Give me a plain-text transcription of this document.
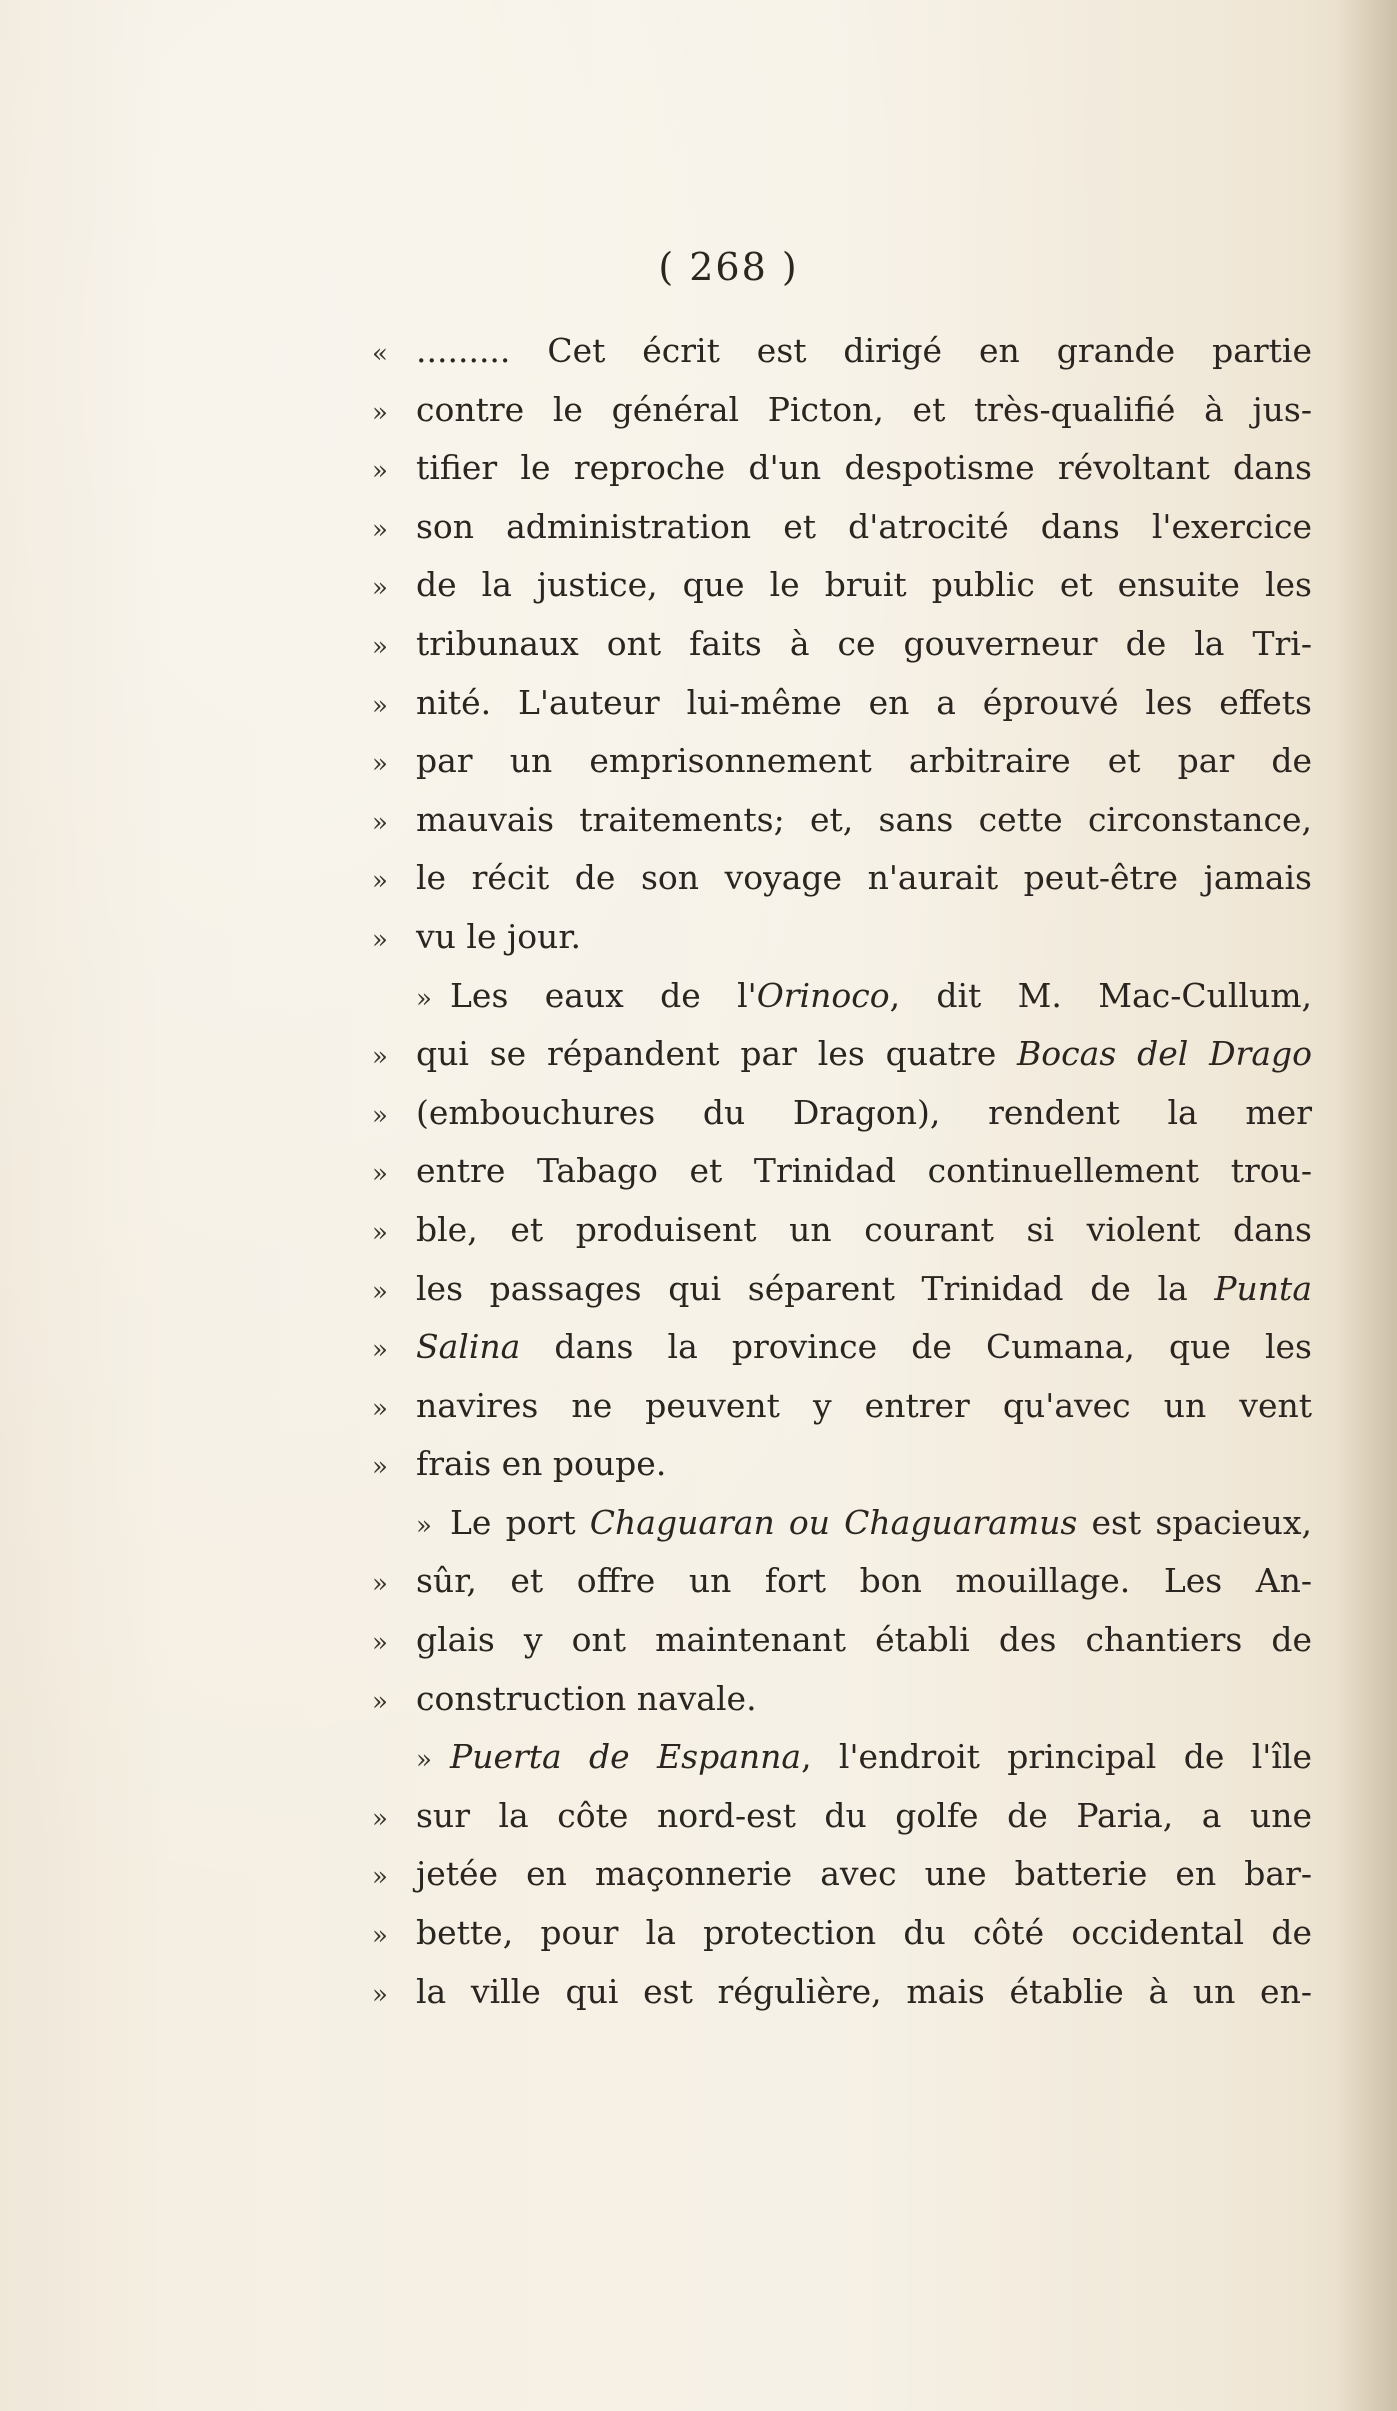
( 268 )
« ......... Cet écrit est dirigé en grande partie
» contre le général Picton, et très-qualifié à jus-
» tifier le reproche d'un despotisme révoltant dans
» son administration et d'atrocité dans l'exercice
» de la justice, que le bruit public et ensuite les
» tribunaux ont faits à ce gouverneur de la Tri-
» nité. L'auteur lui-même en a éprouvé les effets
» par un emprisonnement arbitraire et par de
» mauvais traitements; et, sans cette circonstance,
» le récit de son voyage n'aurait peut-être jamais
» vu le jour.
» Les eaux de l'Orinoco, dit M. Mac-Cullum,
» qui se répandent par les quatre Bocas del Drago
» (embouchures du Dragon), rendent la mer
» entre Tabago et Trinidad continuellement trou-
» ble, et produisent un courant si violent dans
» les passages qui séparent Trinidad de la Punta
» Salina dans la province de Cumana, que les
» navires ne peuvent y entrer qu'avec un vent
» frais en poupe.
» Le port Chaguaran ou Chaguaramus est spacieux,
» sûr, et offre un fort bon mouillage. Les An-
» glais y ont maintenant établi des chantiers de
» construction navale.
» Puerta de Espanna, l'endroit principal de l'île
» sur la côte nord-est du golfe de Paria, a une
» jetée en maçonnerie avec une batterie en bar-
» bette, pour la protection du côté occidental de
» la ville qui est régulière, mais établie à un en-
